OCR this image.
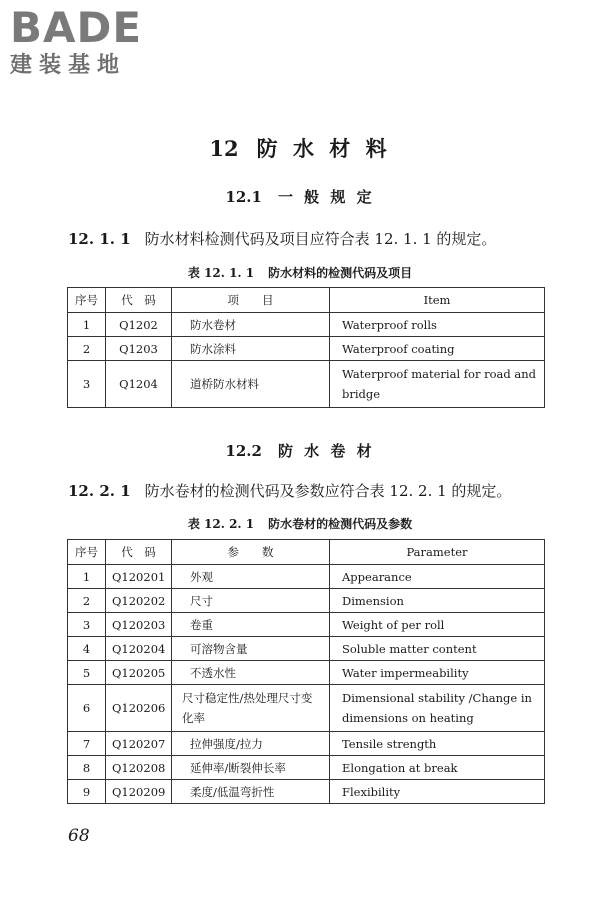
BADE
建装基地
12 防 水 材 料
12.1 一 般 规 定
12. 1. 1 防水材料检测代码及项目应符合表 12. 1. 1 的规定。
表 12. 1. 1 防水材料的检测代码及项目
序号	代　码	项　　目	Item
1	Q1202	防水卷材	Waterproof rolls
2	Q1203	防水涂料	Waterproof coating
3	Q1204	道桥防水材料	Waterproof material for road and bridge
12.2 防 水 卷 材
12. 2. 1 防水卷材的检测代码及参数应符合表 12. 2. 1 的规定。
表 12. 2. 1 防水卷材的检测代码及参数
序号	代　码	参　　数	Parameter
1	Q120201	外观	Appearance
2	Q120202	尺寸	Dimension
3	Q120203	卷重	Weight of per roll
4	Q120204	可溶物含量	Soluble matter content
5	Q120205	不透水性	Water impermeability
6	Q120206	尺寸稳定性/热处理尺寸变化率	Dimensional stability /Change in dimensions on heating
7	Q120207	拉伸强度/拉力	Tensile strength
8	Q120208	延伸率/断裂伸长率	Elongation at break
9	Q120209	柔度/低温弯折性	Flexibility
68
